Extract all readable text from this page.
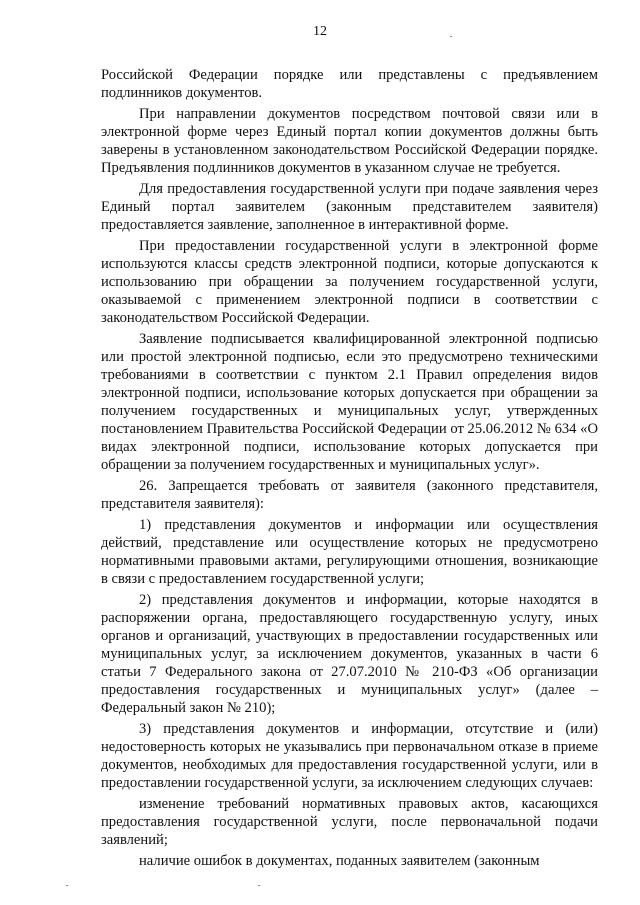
12

Российской Федерации порядке или представлены с предъявлением подлинников документов.

При направлении документов посредством почтовой связи или в электронной форме через Единый портал копии документов должны быть заверены в установленном законодательством Российской Федерации порядке. Предъявления подлинников документов в указанном случае не требуется.

Для предоставления государственной услуги при подаче заявления через Единый портал заявителем (законным представителем заявителя) предоставляется заявление, заполненное в интерактивной форме.

При предоставлении государственной услуги в электронной форме используются классы средств электронной подписи, которые допускаются к использованию при обращении за получением государственной услуги, оказываемой с применением электронной подписи в соответствии с законодательством Российской Федерации.

Заявление подписывается квалифицированной электронной подписью или простой электронной подписью, если это предусмотрено техническими требованиями в соответствии с пунктом 2.1 Правил определения видов электронной подписи, использование которых допускается при обращении за получением государственных и муниципальных услуг, утвержденных постановлением Правительства Российской Федерации от 25.06.2012 № 634 «О видах электронной подписи, использование которых допускается при обращении за получением государственных и муниципальных услуг».

26. Запрещается требовать от заявителя (законного представителя, представителя заявителя):

1) представления документов и информации или осуществления действий, представление или осуществление которых не предусмотрено нормативными правовыми актами, регулирующими отношения, возникающие в связи с предоставлением государственной услуги;

2) представления документов и информации, которые находятся в распоряжении органа, предоставляющего государственную услугу, иных органов и организаций, участвующих в предоставлении государственных или муниципальных услуг, за исключением документов, указанных в части 6 статьи 7 Федерального закона от 27.07.2010 № 210-ФЗ «Об организации предоставления государственных и муниципальных услуг» (далее – Федеральный закон № 210);

3) представления документов и информации, отсутствие и (или) недостоверность которых не указывались при первоначальном отказе в приеме документов, необходимых для предоставления государственной услуги, или в предоставлении государственной услуги, за исключением следующих случаев:

изменение требований нормативных правовых актов, касающихся предоставления государственной услуги, после первоначальной подачи заявлений;

наличие ошибок в документах, поданных заявителем (законным
